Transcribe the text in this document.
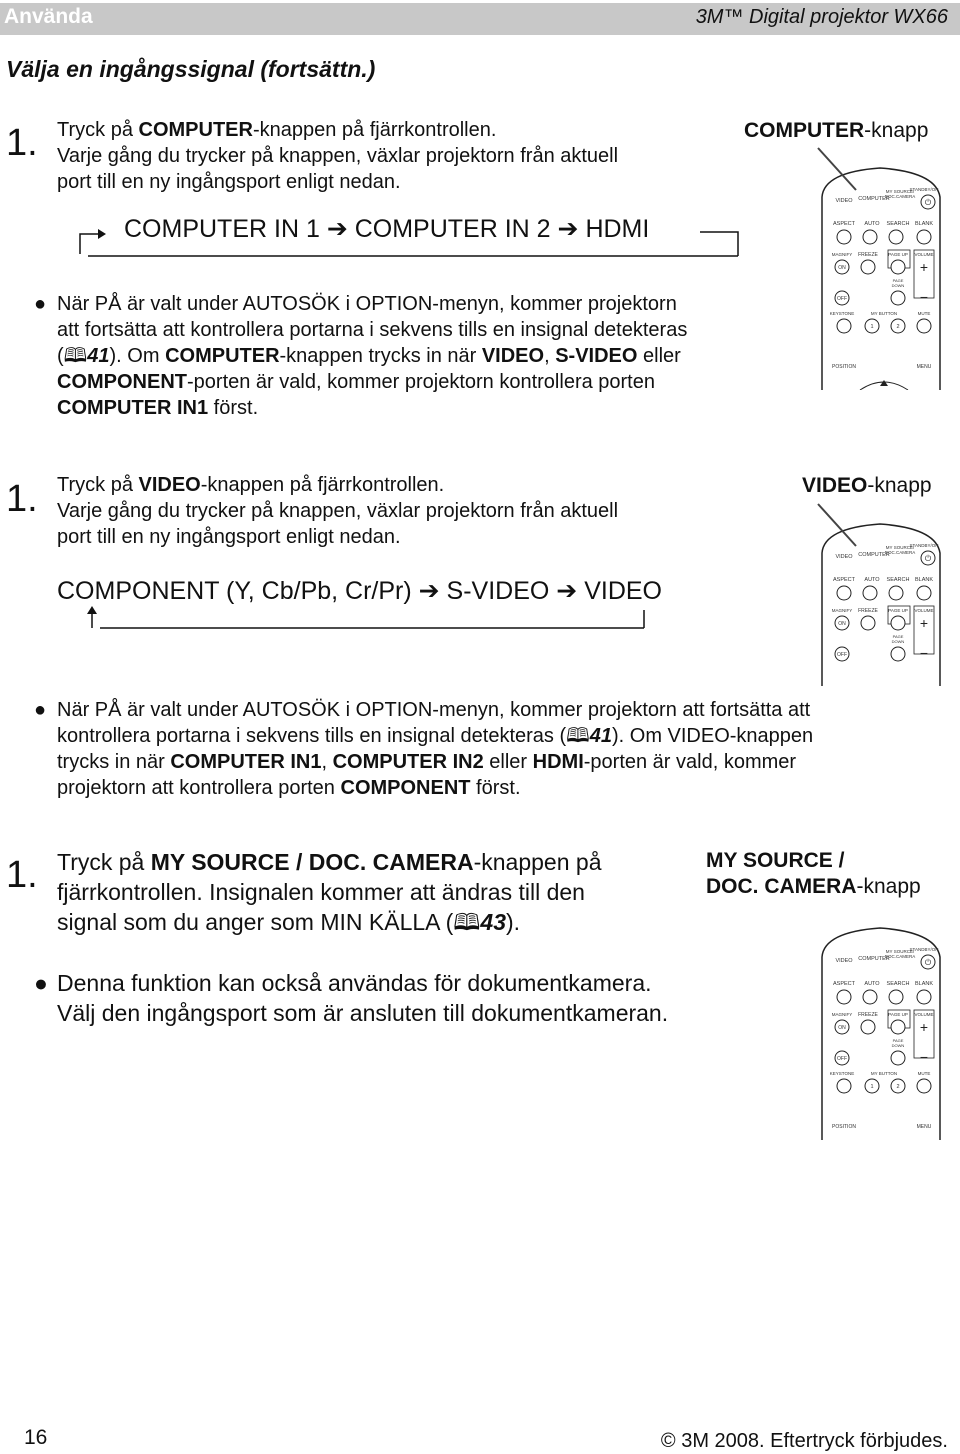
Använda	3M™ Digital projektor WX66
Välja en ingångssignal (fortsättn.)
1. Tryck på COMPUTER-knappen på fjärrkontrollen.
Varje gång du trycker på knappen, växlar projektorn från aktuell
port till en ny ingångsport enligt nedan.
COMPUTER-knapp
COMPUTER IN 1 ➔ COMPUTER IN 2 ➔ HDMI
● När PÅ är valt under AUTOSÖK i OPTION-menyn, kommer projektorn
att fortsätta att kontrollera portarna i sekvens tills en insignal detekteras
(🕮41). Om COMPUTER-knappen trycks in när VIDEO, S-VIDEO eller
COMPONENT-porten är vald, kommer projektorn kontrollera porten
COMPUTER IN1 först.
VIDEO COMPUTER
MY SOURCE/
DOC.CAMERA
STANDBY/ON
⏻
ASPECT AUTO SEARCH BLANK
MAGNIFY FREEZE PAGE UP VOLUME
ON	+
PAGE
DOWN
OFF	−
KEYSTONE	MY BUTTON	MUTE
1	2
POSITION	MENU
1. Tryck på VIDEO-knappen på fjärrkontrollen.
Varje gång du trycker på knappen, växlar projektorn från aktuell
port till en ny ingångsport enligt nedan.
VIDEO-knapp
COMPONENT (Y, Cb/Pb, Cr/Pr) ➔ S-VIDEO ➔ VIDEO
VIDEO COMPUTER
MY SOURCE/
DOC.CAMERA
STANDBY/ON
⏻
ASPECT AUTO SEARCH BLANK
MAGNIFY FREEZE PAGE UP VOLUME
ON	+
PAGE
DOWN
OFF	−
● När PÅ är valt under AUTOSÖK i OPTION-menyn, kommer projektorn att fortsätta att
kontrollera portarna i sekvens tills en insignal detekteras (🕮41). Om VIDEO-knappen
trycks in när COMPUTER IN1, COMPUTER IN2 eller HDMI-porten är vald, kommer
projektorn att kontrollera porten COMPONENT först.
1. Tryck på MY SOURCE / DOC. CAMERA-knappen på
fjärrkontrollen. Insignalen kommer att ändras till den
signal som du anger som MIN KÄLLA (🕮43).
MY SOURCE /
DOC. CAMERA-knapp
● Denna funktion kan också användas för dokumentkamera.
Välj den ingångsport som är ansluten till dokumentkameran.
VIDEO COMPUTER
MY SOURCE/
DOC.CAMERA
STANDBY/ON
⏻
ASPECT AUTO SEARCH BLANK
MAGNIFY FREEZE PAGE UP VOLUME
ON	+
PAGE
DOWN
OFF	−
KEYSTONE	MY BUTTON	MUTE
1	2
POSITION	MENU
16	© 3M 2008. Eftertryck förbjudes.
